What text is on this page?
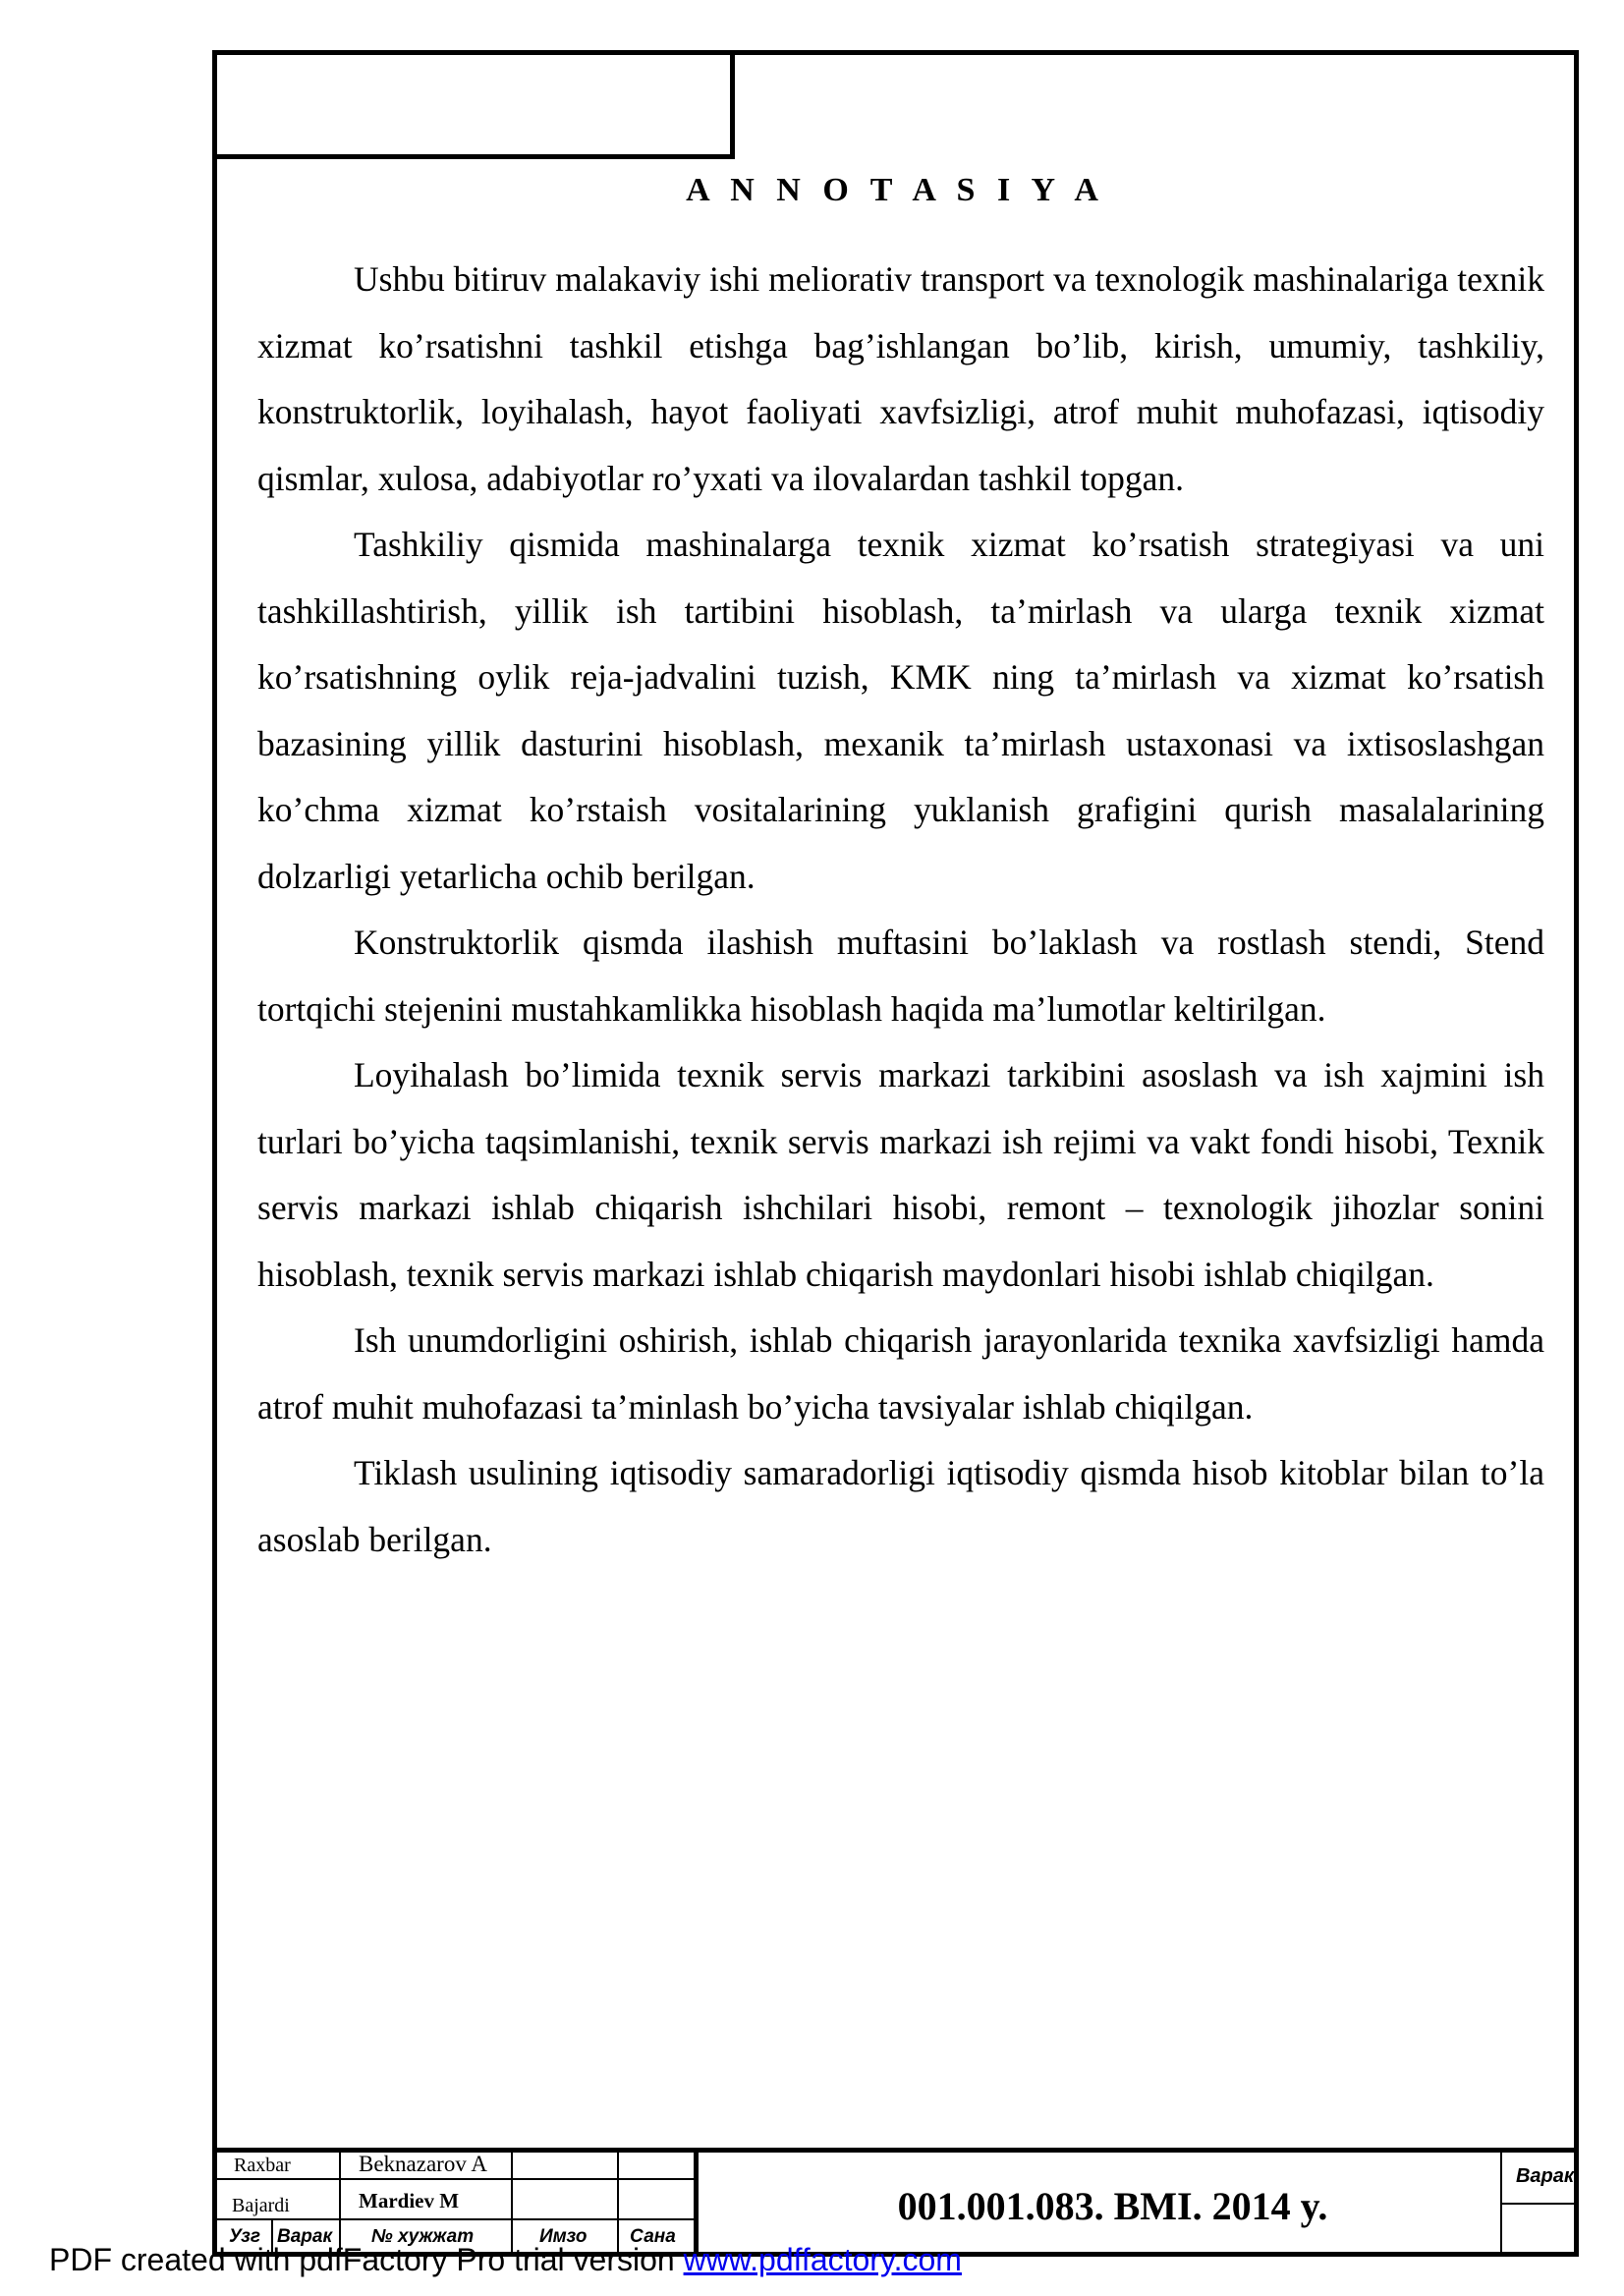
A N N O T A S I Y A

Ushbu bitiruv malakaviy ishi meliorativ transport va texnologik mashinalariga texnik xizmat ko’rsatishni tashkil etishga bag’ishlangan bo’lib, kirish, umumiy, tashkiliy, konstruktorlik, loyihalash, hayot faoliyati xavfsizligi, atrof muhit muhofazasi, iqtisodiy qismlar, xulosa, adabiyotlar ro’yxati va ilovalardan tashkil topgan.

Tashkiliy qismida mashinalarga texnik xizmat ko’rsatish strategiyasi va uni tashkillashtirish, yillik ish tartibini hisoblash, ta’mirlash va ularga texnik xizmat ko’rsatishning oylik reja-jadvalini tuzish, KMK ning ta’mirlash va xizmat ko’rsatish bazasining yillik dasturini hisoblash, mexanik ta’mirlash ustaxonasi va ixtisoslashgan ko’chma xizmat ko’rstaish vositalarining yuklanish grafigini qurish masalalarining dolzarligi yetarlicha ochib berilgan.

Konstruktorlik qismda ilashish muftasini bo’laklash va rostlash stendi, Stend tortqichi stejenini mustahkamlikka hisoblash haqida ma’lumotlar keltirilgan.

Loyihalash bo’limida texnik servis markazi tarkibini asoslash va ish xajmini ish turlari bo’yicha taqsimlanishi, texnik servis markazi ish rejimi va vakt fondi hisobi, Texnik servis markazi ishlab chiqarish ishchilari hisobi, remont – texnologik jihozlar sonini hisoblash, texnik servis markazi ishlab chiqarish maydonlari hisobi ishlab chiqilgan.

Ish unumdorligini oshirish, ishlab chiqarish jarayonlarida texnika xavfsizligi hamda atrof muhit muhofazasi ta’minlash bo’yicha tavsiyalar ishlab chiqilgan.

Tiklash usulining iqtisodiy samaradorligi iqtisodiy qismda hisob kitoblar bilan to’la asoslab berilgan.

Raxbar	Beknazarov A
Bajardi	Mardiev M
Узг Варак № хужжат	Имзо Сана
001.001.083. BMI. 2014 y.
Варак
PDF created with pdfFactory Pro trial version www.pdffactory.com
